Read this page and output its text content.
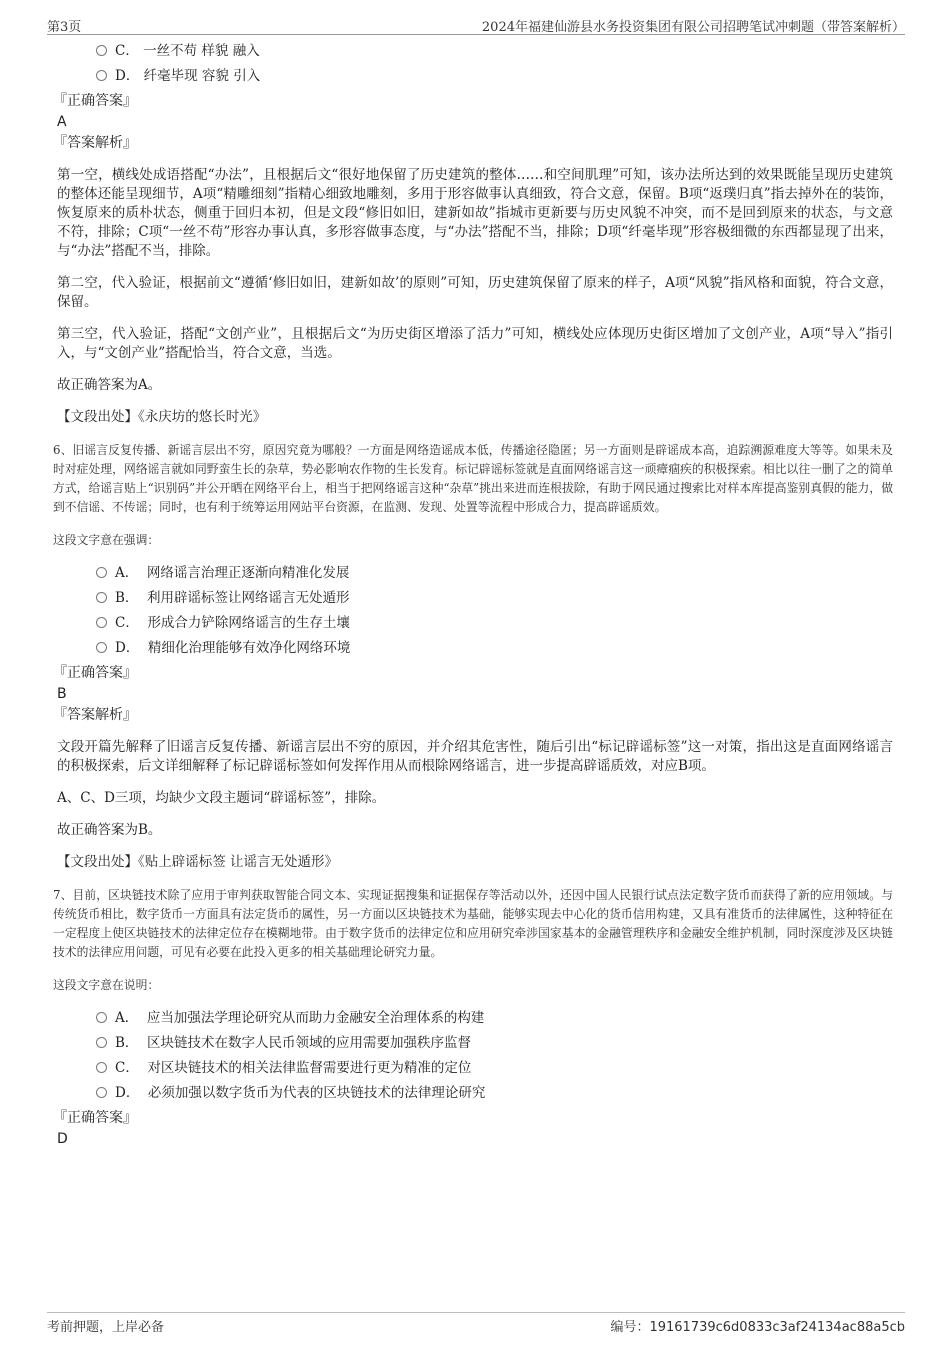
第3页	2024年福建仙游县水务投资集团有限公司招聘笔试冲刺题（带答案解析）
C． 一丝不苟 样貌 融入
D． 纤毫毕现 容貌 引入

『正确答案』

A

『答案解析』

第一空，横线处成语搭配“办法”，且根据后文“很好地保留了历史建筑的整体……和空间肌理”可知，该办法所达到的效果既能呈现历史建筑的整体还能呈现细节，A项“精雕细刻”指精心细致地雕刻，多用于形容做事认真细致，符合文意，保留。B项“返璞归真”指去掉外在的装饰，恢复原来的质朴状态，侧重于回归本初，但是文段“修旧如旧，建新如故”指城市更新要与历史风貌不冲突，而不是回到原来的状态，与文意不符，排除；C项“一丝不苟”形容办事认真，多形容做事态度，与“办法”搭配不当，排除；D项“纤毫毕现”形容极细微的东西都显现了出来，与“办法”搭配不当，排除。

第二空，代入验证，根据前文“遵循‘修旧如旧，建新如故’的原则”可知，历史建筑保留了原来的样子，A项“风貌”指风格和面貌，符合文意，保留。

第三空，代入验证，搭配“文创产业”，且根据后文“为历史街区增添了活力”可知，横线处应体现历史街区增加了文创产业，A项“导入”指引入，与“文创产业”搭配恰当，符合文意，当选。

故正确答案为A。

【文段出处】《永庆坊的悠长时光》

6、旧谣言反复传播、新谣言层出不穷，原因究竟为哪般？一方面是网络造谣成本低，传播途径隐匿；另一方面则是辟谣成本高，追踪溯源难度大等等。如果未及时对症处理，网络谣言就如同野蛮生长的杂草，势必影响农作物的生长发育。标记辟谣标签就是直面网络谣言这一顽瘴痼疾的积极探索。相比以往一删了之的简单方式，给谣言贴上“识别码”并公开晒在网络平台上，相当于把网络谣言这种“杂草”挑出来进而连根拔除，有助于网民通过搜索比对样本库提高鉴别真假的能力，做到不信谣、不传谣；同时，也有利于统筹运用网站平台资源，在监测、发现、处置等流程中形成合力，提高辟谣质效。

这段文字意在强调：

A． 网络谣言治理正逐渐向精准化发展
B． 利用辟谣标签让网络谣言无处遁形
C． 形成合力铲除网络谣言的生存土壤
D． 精细化治理能够有效净化网络环境

『正确答案』

B

『答案解析』

文段开篇先解释了旧谣言反复传播、新谣言层出不穷的原因，并介绍其危害性，随后引出“标记辟谣标签”这一对策，指出这是直面网络谣言的积极探索，后文详细解释了标记辟谣标签如何发挥作用从而根除网络谣言，进一步提高辟谣质效，对应B项。

A、C、D三项，均缺少文段主题词“辟谣标签”，排除。

故正确答案为B。

【文段出处】《贴上辟谣标签 让谣言无处遁形》

7、目前，区块链技术除了应用于审判获取智能合同文本、实现证据搜集和证据保存等活动以外，还因中国人民银行试点法定数字货币而获得了新的应用领域。与传统货币相比，数字货币一方面具有法定货币的属性，另一方面以区块链技术为基础，能够实现去中心化的货币信用构建，又具有准货币的法律属性，这种特征在一定程度上使区块链技术的法律定位存在模糊地带。由于数字货币的法律定位和应用研究牵涉国家基本的金融管理秩序和金融安全维护机制，同时深度涉及区块链技术的法律应用问题，可见有必要在此投入更多的相关基础理论研究力量。

这段文字意在说明：

A． 应当加强法学理论研究从而助力金融安全治理体系的构建
B． 区块链技术在数字人民币领域的应用需要加强秩序监督
C． 对区块链技术的相关法律监督需要进行更为精准的定位
D． 必须加强以数字货币为代表的区块链技术的法律理论研究

『正确答案』

D

考前押题，上岸必备	编号：19161739c6d0833c3af24134ac88a5cb
